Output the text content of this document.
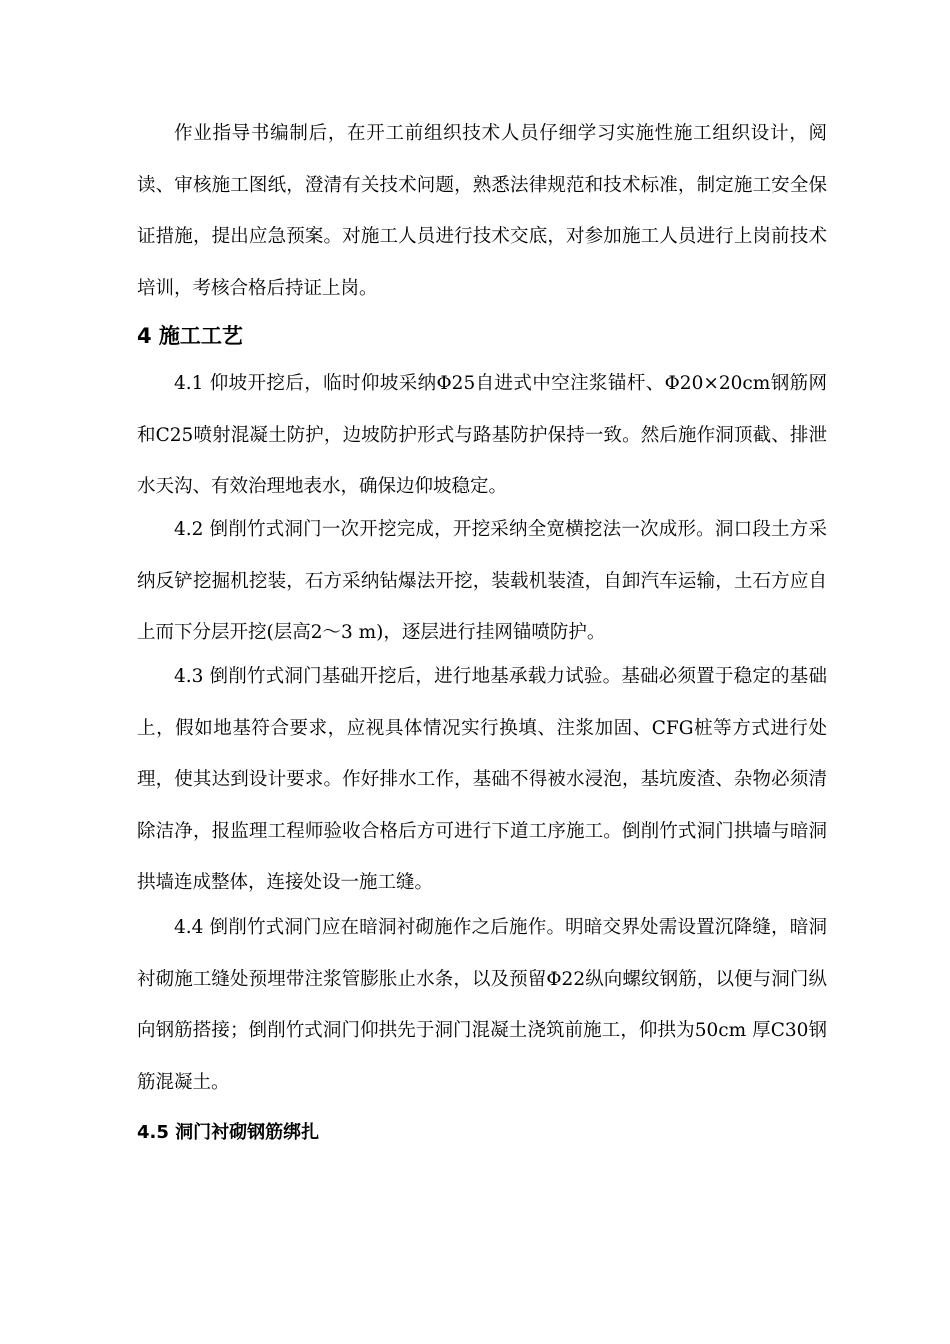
作业指导书编制后，在开工前组织技术人员仔细学习实施性施工组织设计，阅读、审核施工图纸，澄清有关技术问题，熟悉法律规范和技术标准，制定施工安全保证措施，提出应急预案。对施工人员进行技术交底，对参加施工人员进行上岗前技术培训，考核合格后持证上岗。

4 施工工艺

4.1 仰坡开挖后，临时仰坡采纳Φ25自进式中空注浆锚杆、Φ20×20cm钢筋网和C25喷射混凝土防护，边坡防护形式与路基防护保持一致。然后施作洞顶截、排泄水天沟、有效治理地表水，确保边仰坡稳定。

4.2 倒削竹式洞门一次开挖完成，开挖采纳全宽横挖法一次成形。洞口段土方采纳反铲挖掘机挖装，石方采纳钻爆法开挖，装载机装渣，自卸汽车运输，土石方应自上而下分层开挖(层高2～3 m)，逐层进行挂网锚喷防护。

4.3 倒削竹式洞门基础开挖后，进行地基承载力试验。基础必须置于稳定的基础上，假如地基符合要求，应视具体情况实行换填、注浆加固、CFG桩等方式进行处理，使其达到设计要求。作好排水工作，基础不得被水浸泡，基坑废渣、杂物必须清除洁净，报监理工程师验收合格后方可进行下道工序施工。倒削竹式洞门拱墙与暗洞拱墙连成整体，连接处设一施工缝。

4.4 倒削竹式洞门应在暗洞衬砌施作之后施作。明暗交界处需设置沉降缝，暗洞衬砌施工缝处预埋带注浆管膨胀止水条，以及预留Φ22纵向螺纹钢筋，以便与洞门纵向钢筋搭接；倒削竹式洞门仰拱先于洞门混凝土浇筑前施工，仰拱为50cm 厚C30钢筋混凝土。

4.5 洞门衬砌钢筋绑扎
